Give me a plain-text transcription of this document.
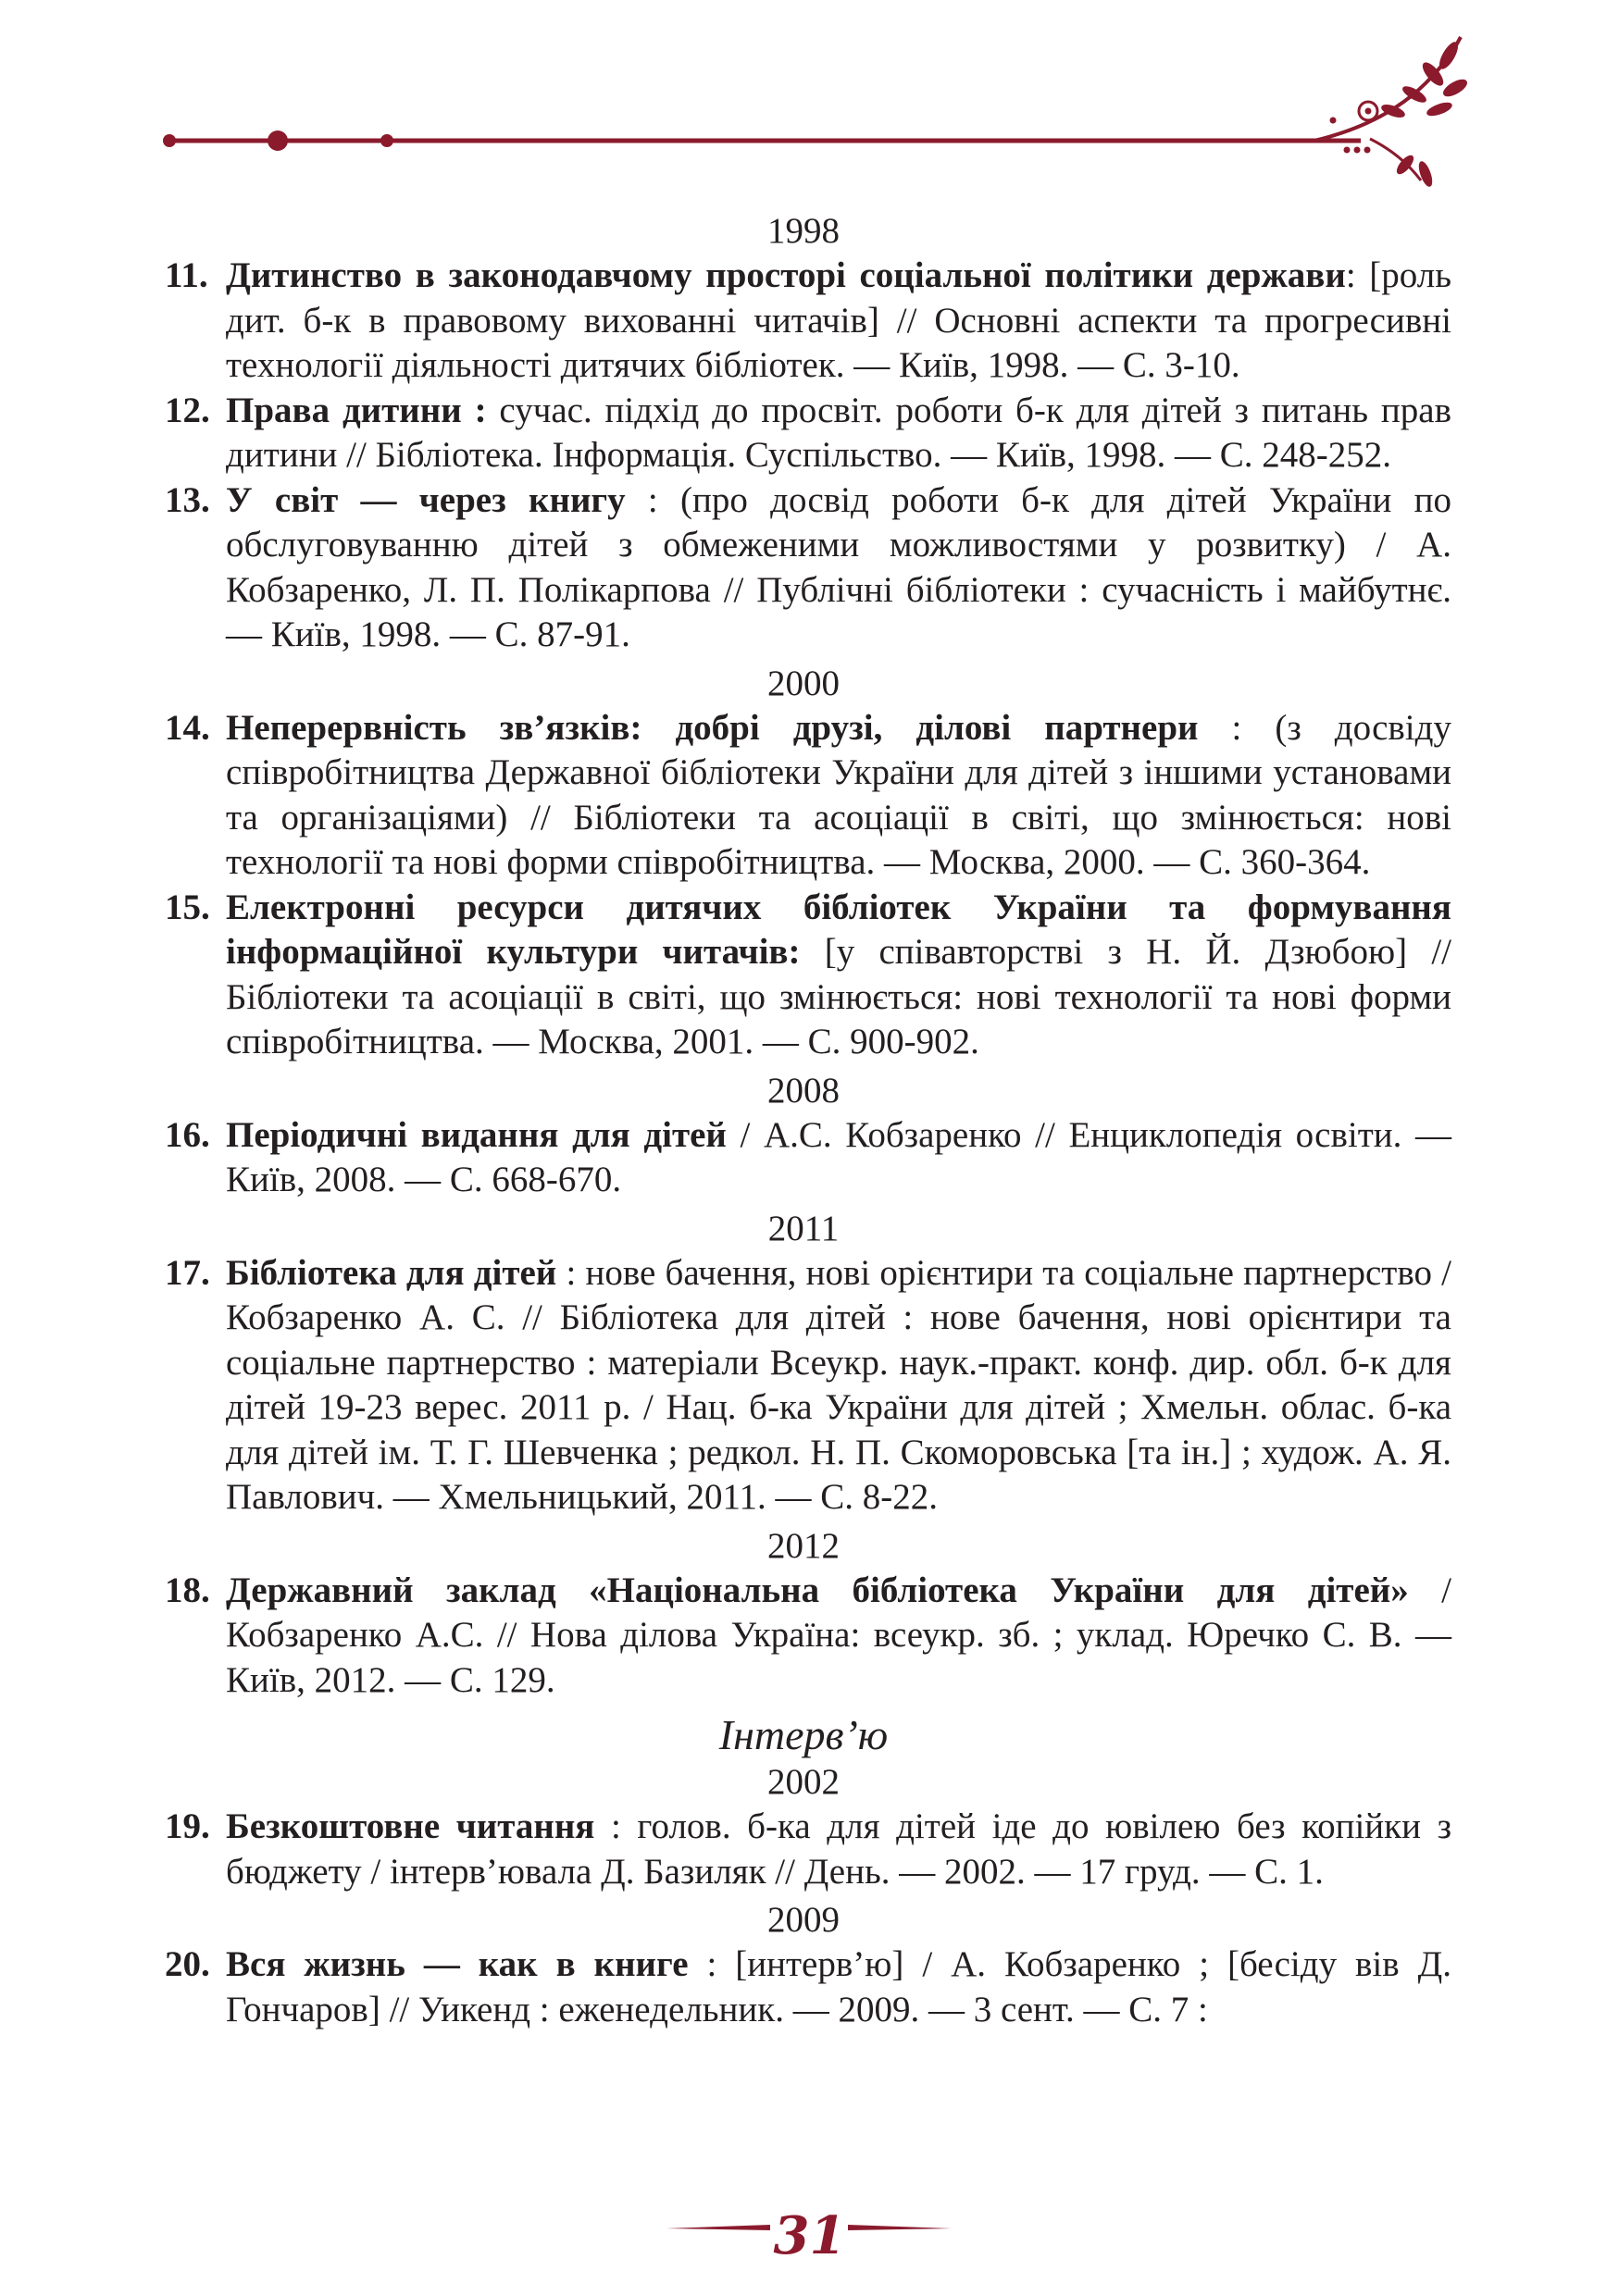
1998

11. Дитинство в законодавчому просторі соціальної політики держави: [роль дит. б-к в правовому вихованні читачів] // Основні аспекти та прогресивні технології діяльності дитячих бібліотек. — Київ, 1998. — С. 3-10.

12. Права дитини : сучас. підхід до просвіт. роботи б-к для дітей з питань прав дитини // Бібліотека. Інформація. Суспільство. — Київ, 1998. — С. 248-252.

13. У світ — через книгу : (про досвід роботи б-к для дітей України по обслуговуванню дітей з обмеженими можливостями у розвитку) / А. Кобзаренко, Л. П. Полікарпова // Публічні бібліотеки : сучасність і майбутнє. — Київ, 1998. — С. 87-91.

2000

14. Неперервність зв’язків: добрі друзі, ділові партнери : (з досвіду співробітництва Державної бібліотеки України для дітей з іншими установами та організаціями) // Бібліотеки та асоціації в світі, що змінюється: нові технології та нові форми співробітництва. — Москва, 2000. — С. 360-364.

15. Електронні ресурси дитячих бібліотек України та формування інформаційної культури читачів: [у співавторстві з Н. Й. Дзюбою] // Бібліотеки та асоціації в світі, що змінюється: нові технології та нові форми співробітництва. — Москва, 2001. — С. 900-902.

2008

16. Періодичні видання для дітей / А.С. Кобзаренко // Енциклопедія освіти. — Київ, 2008. — С. 668-670.

2011

17. Бібліотека для дітей : нове бачення, нові орієнтири та соціальне партнерство / Кобзаренко А. С. // Бібліотека для дітей : нове бачення, нові орієнтири та соціальне партнерство : матеріали Всеукр. наук.-практ. конф. дир. обл. б-к для дітей 19-23 верес. 2011 р. / Нац. б-ка України для дітей ; Хмельн. облас. б-ка для дітей ім. Т. Г. Шевченка ; редкол. Н. П. Скоморовська [та ін.] ; худож. А. Я. Павлович. — Хмельницький, 2011. — С. 8-22.

2012

18. Державний заклад «Національна бібліотека України для дітей» / Кобзаренко А.С. // Нова ділова Україна: всеукр. зб. ; уклад. Юречко С. В. — Київ, 2012. — С. 129.

Інтерв’ю
2002

19. Безкоштовне читання : голов. б-ка для дітей іде до ювілею без копійки з бюджету / інтерв’ювала Д. Базиляк // День. — 2002. — 17 груд. — С. 1.

2009

20. Вся жизнь — как в книге : [интерв’ю] / А. Кобзаренко ; [бесіду вів Д. Гончаров] // Уикенд : еженедельник. — 2009. — 3 сент. — С. 7 :

31
